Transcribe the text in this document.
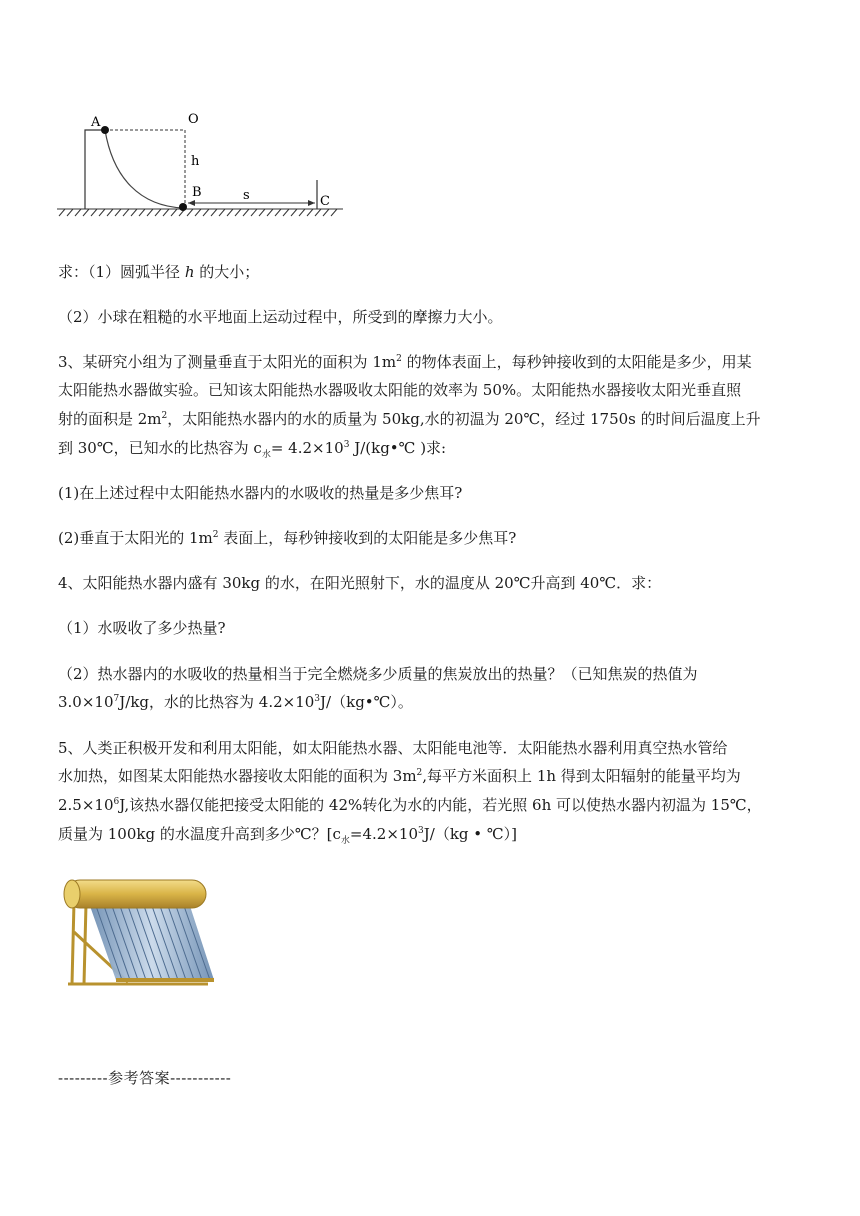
A	O
h
B	s	C
求：（1）圆弧半径 h 的大小；
（2）小球在粗糙的水平地面上运动过程中，所受到的摩擦力大小。
3、某研究小组为了测量垂直于太阳光的面积为 $1m^2$ 的物体表面上，每秒钟接收到的太阳能是多少，用某
太阳能热水器做实验。已知该太阳能热水器吸收太阳能的效率为 50%。太阳能热水器接收太阳光垂直照
射的面积是 $2m^2$，太阳能热水器内的水的质量为 50kg,水的初温为 20℃，经过 1750s 的时间后温度上升
到 30℃，已知水的比热容为 $c_水= 4.2\times 10^3$ J/(kg•℃ )求:
(1)在上述过程中太阳能热水器内的水吸收的热量是多少焦耳?
(2)垂直于太阳光的 $1m^2$ 表面上，每秒钟接收到的太阳能是多少焦耳?
4、太阳能热水器内盛有 30kg 的水，在阳光照射下，水的温度从 20℃升高到 40℃．求：
（1）水吸收了多少热量?
（2）热水器内的水吸收的热量相当于完全燃烧多少质量的焦炭放出的热量？（已知焦炭的热值为
$3.0\times 10^7J/kg$，水的比热容为 $4.2\times 10^3J/(kg•℃)$。
5、人类正积极开发和利用太阳能，如太阳能热水器、太阳能电池等．太阳能热水器利用真空热水管给
水加热，如图某太阳能热水器接收太阳能的面积为 $3m^2$,每平方米面积上 1h 得到太阳辐射的能量平均为
$2.5\times 10^6J$,该热水器仅能把接受太阳能的 42%转化为水的内能，若光照 6h 可以使热水器内初温为 15℃，
质量为 100kg 的水温度升高到多少℃？[$c_水=4.2\times 10^3J/(kg$ • ℃）]
---------参考答案-----------
